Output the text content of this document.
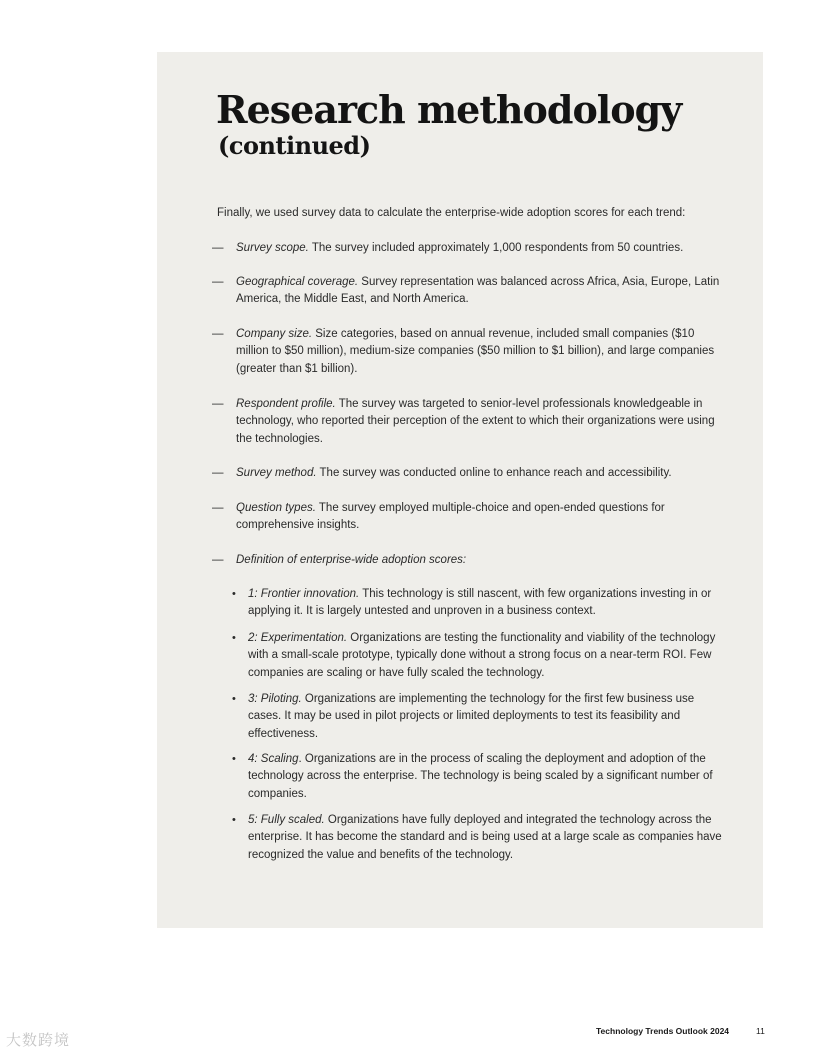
Research methodology
(continued)

Finally, we used survey data to calculate the enterprise-wide adoption scores for each trend:

—	Survey scope. The survey included approximately 1,000 respondents from 50 countries.
—	Geographical coverage. Survey representation was balanced across Africa, Asia, Europe, Latin America, the Middle East, and North America.
—	Company size. Size categories, based on annual revenue, included small companies ($10 million to $50 million), medium-size companies ($50 million to $1 billion), and large companies (greater than $1 billion).
—	Respondent profile. The survey was targeted to senior-level professionals knowledgeable in technology, who reported their perception of the extent to which their organizations were using the technologies.
—	Survey method. The survey was conducted online to enhance reach and accessibility.
—	Question types. The survey employed multiple-choice and open-ended questions for comprehensive insights.
—	Definition of enterprise-wide adoption scores:
• 1: Frontier innovation. This technology is still nascent, with few organizations investing in or applying it. It is largely untested and unproven in a business context.
• 2: Experimentation. Organizations are testing the functionality and viability of the technology with a small-scale prototype, typically done without a strong focus on a near-term ROI. Few companies are scaling or have fully scaled the technology.
• 3: Piloting. Organizations are implementing the technology for the first few business use cases. It may be used in pilot projects or limited deployments to test its feasibility and effectiveness.
• 4: Scaling. Organizations are in the process of scaling the deployment and adoption of the technology across the enterprise. The technology is being scaled by a significant number of companies.
• 5: Fully scaled. Organizations have fully deployed and integrated the technology across the enterprise. It has become the standard and is being used at a large scale as companies have recognized the value and benefits of the technology.
Technology Trends Outlook 2024	11
大数跨境
